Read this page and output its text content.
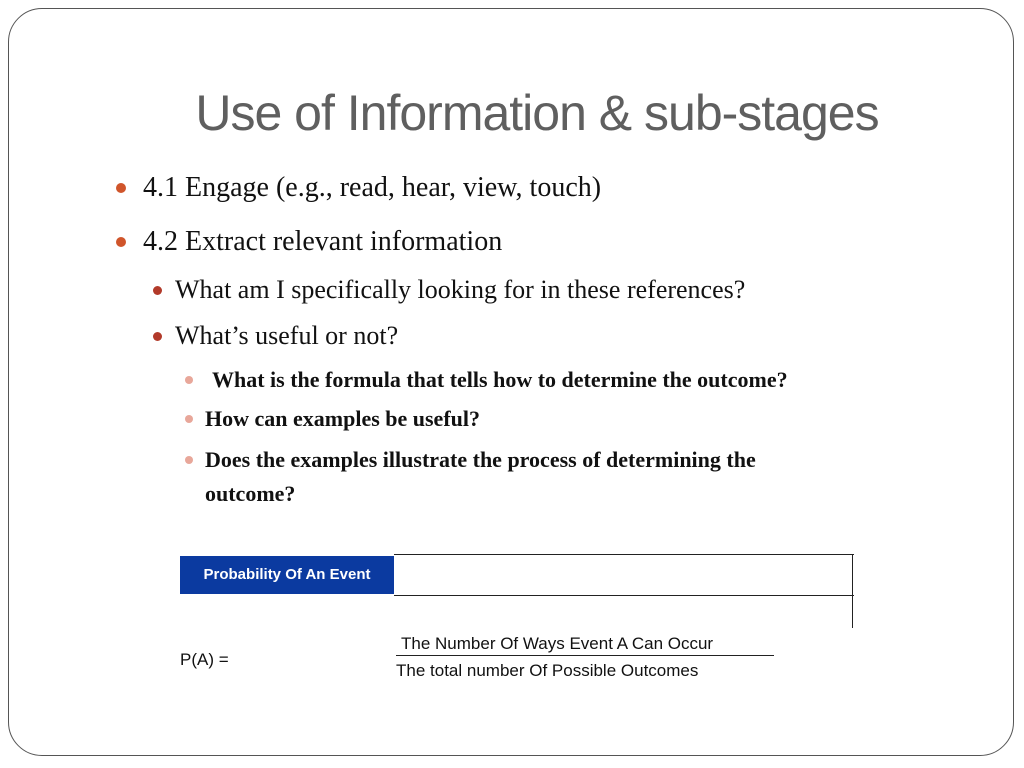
Use of Information & sub-stages
4.1 Engage (e.g., read, hear, view, touch)
4.2 Extract relevant information
What am I specifically looking for in these references?
What’s useful or not?
What is the formula that tells how to determine the outcome?
How can examples be useful?
Does the examples illustrate the process of determining the
outcome?
Probability Of An Event
P(A) =
The Number Of Ways Event A Can Occur
The total number Of Possible Outcomes
